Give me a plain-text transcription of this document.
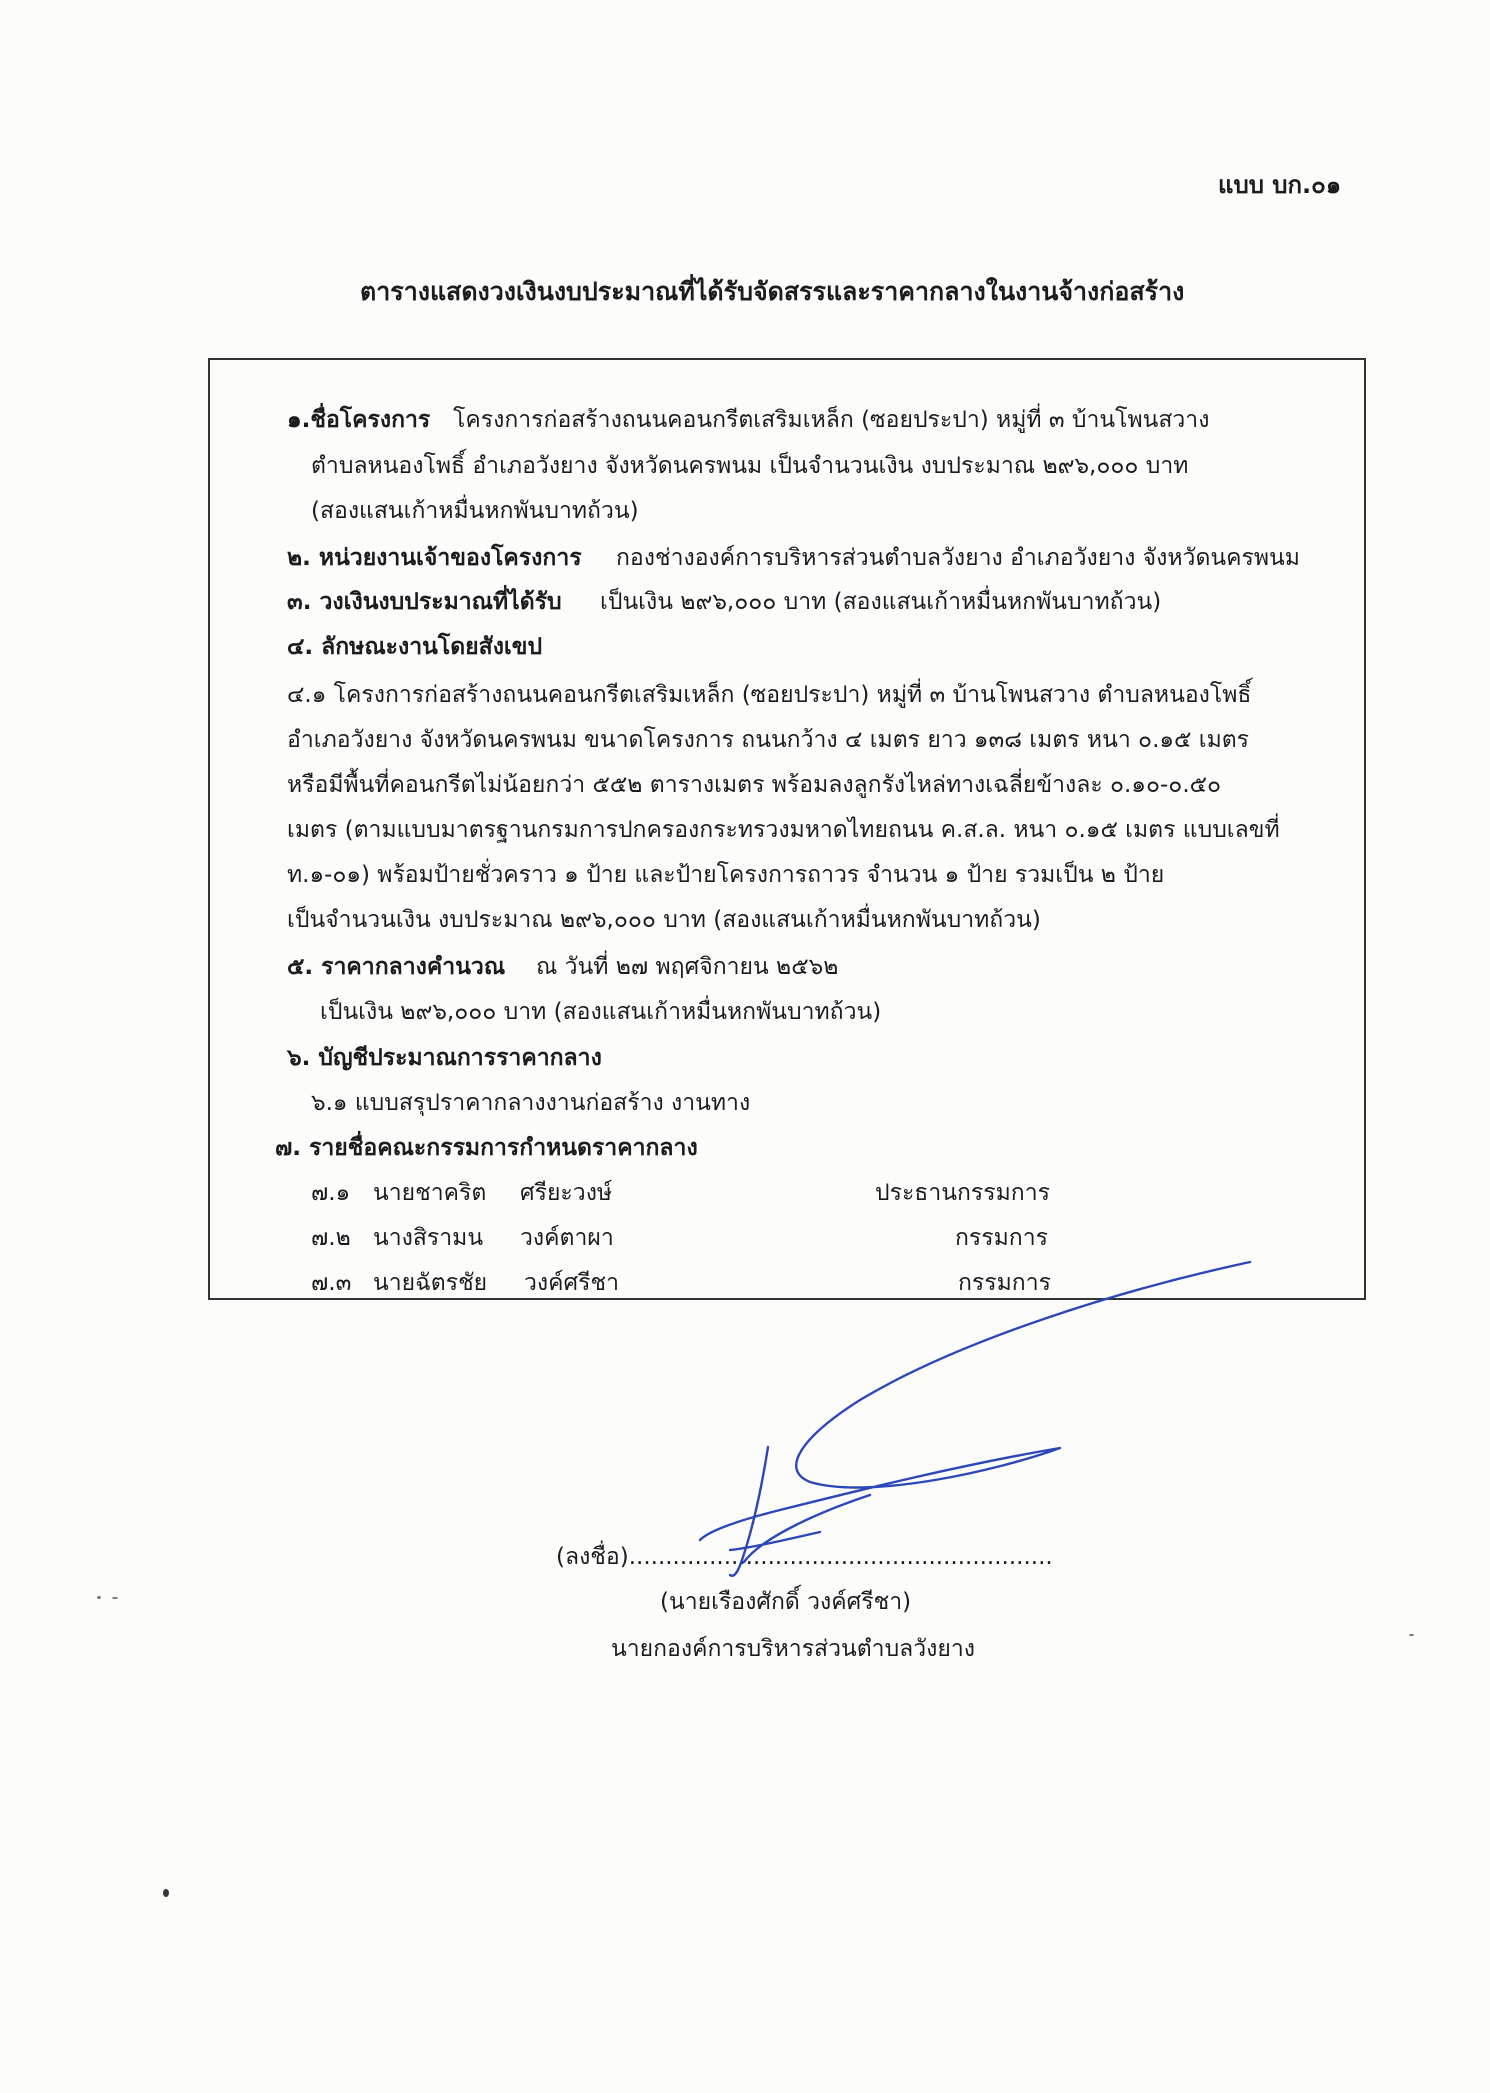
แบบ บก.๐๑
ตารางแสดงวงเงินงบประมาณที่ได้รับจัดสรรและราคากลางในงานจ้างก่อสร้าง
๑.ชื่อโครงการ โครงการก่อสร้างถนนคอนกรีตเสริมเหล็ก (ซอยประปา) หมู่ที่ ๓ บ้านโพนสวาง
ตำบลหนองโพธิ์ อำเภอวังยาง จังหวัดนครพนม เป็นจำนวนเงิน งบประมาณ ๒๙๖,๐๐๐ บาท
(สองแสนเก้าหมื่นหกพันบาทถ้วน)
๒. หน่วยงานเจ้าของโครงการ กองช่างองค์การบริหารส่วนตำบลวังยาง อำเภอวังยาง จังหวัดนครพนม
๓. วงเงินงบประมาณที่ได้รับ เป็นเงิน ๒๙๖,๐๐๐ บาท (สองแสนเก้าหมื่นหกพันบาทถ้วน)
๔. ลักษณะงานโดยสังเขป
๔.๑ โครงการก่อสร้างถนนคอนกรีตเสริมเหล็ก (ซอยประปา) หมู่ที่ ๓ บ้านโพนสวาง ตำบลหนองโพธิ์
อำเภอวังยาง จังหวัดนครพนม ขนาดโครงการ ถนนกว้าง ๔ เมตร ยาว ๑๓๘ เมตร หนา ๐.๑๕ เมตร
หรือมีพื้นที่คอนกรีตไม่น้อยกว่า ๕๕๒ ตารางเมตร พร้อมลงลูกรังไหล่ทางเฉลี่ยข้างละ ๐.๑๐-๐.๕๐
เมตร (ตามแบบมาตรฐานกรมการปกครองกระทรวงมหาดไทยถนน ค.ส.ล. หนา ๐.๑๕ เมตร แบบเลขที่
ท.๑-๐๑) พร้อมป้ายชั่วคราว ๑ ป้าย และป้ายโครงการถาวร จำนวน ๑ ป้าย รวมเป็น ๒ ป้าย
เป็นจำนวนเงิน งบประมาณ ๒๙๖,๐๐๐ บาท (สองแสนเก้าหมื่นหกพันบาทถ้วน)
๕. ราคากลางคำนวณ ณ วันที่ ๒๗ พฤศจิกายน ๒๕๖๒
เป็นเงิน ๒๙๖,๐๐๐ บาท (สองแสนเก้าหมื่นหกพันบาทถ้วน)
๖. บัญชีประมาณการราคากลาง
๖.๑ แบบสรุปราคากลางงานก่อสร้าง งานทาง
๗. รายชื่อคณะกรรมการกำหนดราคากลาง
๗.๑ นายชาคริต ศรียะวงษ์	ประธานกรรมการ
๗.๒ นางสิรามน วงค์ตาผา	กรรมการ
๗.๓ นายฉัตรชัย วงค์ศรีชา	กรรมการ
(ลงชื่อ)..........................................................
(นายเรืองศักดิ์ วงค์ศรีชา)
นายกองค์การบริหารส่วนตำบลวังยาง
